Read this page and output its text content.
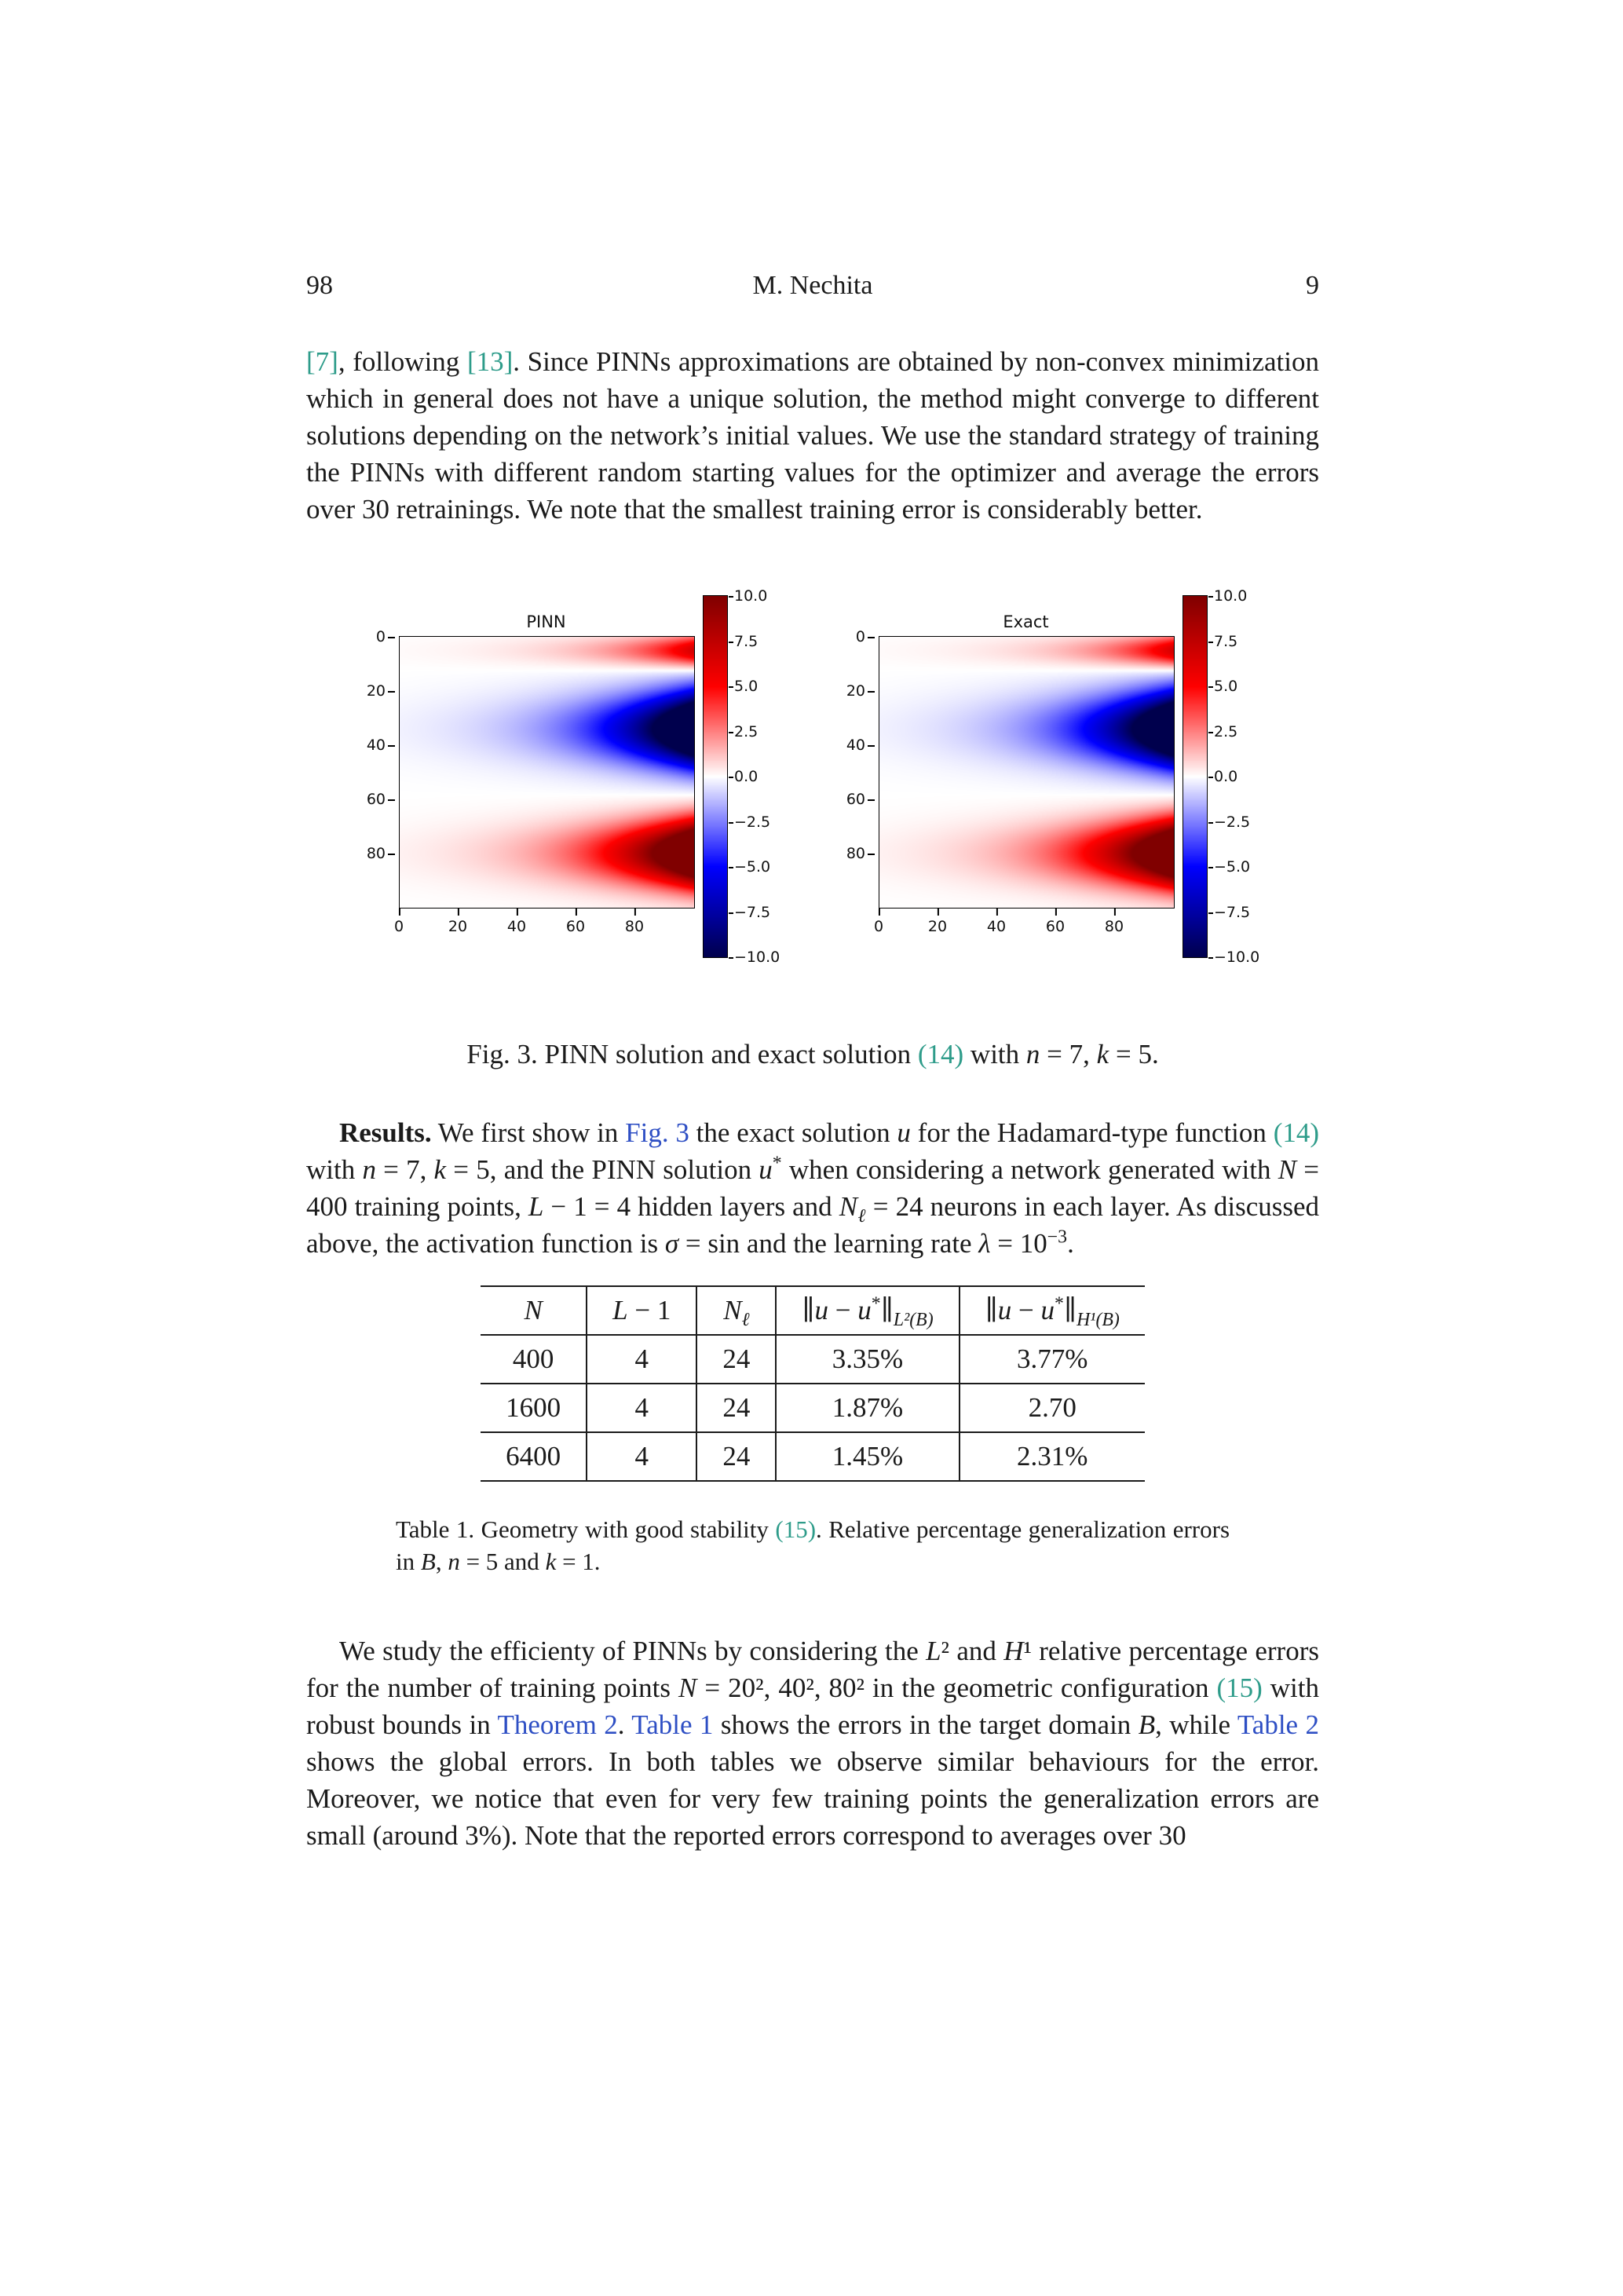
98	M. Nechita	9

[7], following [13]. Since PINNs approximations are obtained by non-convex minimization which in general does not have a unique solution, the method might converge to different solutions depending on the network’s initial values. We use the standard strategy of training the PINNs with different random starting values for the optimizer and average the errors over 30 retrainings. We note that the smallest training error is considerably better.

PINN
0
20
40
60
80
0	20	40	60	80
10.0
7.5
5.0
2.5
0.0
−2.5
−5.0
−7.5
−10.0
Exact
0
20
40
60
80
0	20	40	60	80
10.0
7.5
5.0
2.5
0.0
−2.5
−5.0
−7.5
−10.0
Fig. 3. PINN solution and exact solution (14) with n = 7, k = 5.

Results. We first show in Fig. 3 the exact solution u for the Hadamard-type function (14) with n = 7, k = 5, and the PINN solution u* when considering a network generated with N = 400 training points, L − 1 = 4 hidden layers and $N_\ell = 24$ neurons in each layer. As discussed above, the activation function is σ = sin and the learning rate $\lambda = 10^{-3}$.

N	L − 1	$N_\ell$	∥u − $u^*\parallel_{L^2(B)}$	∥u − $u^*\parallel_{H^1(B)}$
400	4	24	3.35%	3.77%
1600	4	24	1.87%	2.70
6400	4	24	1.45%	2.31%
Table 1. Geometry with good stability (15). Relative percentage generalization errors in B, n = 5 and k = 1.

We study the efficienty of PINNs by considering the L² and H¹ relative percentage errors for the number of training points N = 20², 40², 80² in the geometric configuration (15) with robust bounds in Theorem 2. Table 1 shows the errors in the target domain B, while Table 2 shows the global errors. In both tables we observe similar behaviours for the error. Moreover, we notice that even for very few training points the generalization errors are small (around 3%). Note that the reported errors correspond to averages over 30
